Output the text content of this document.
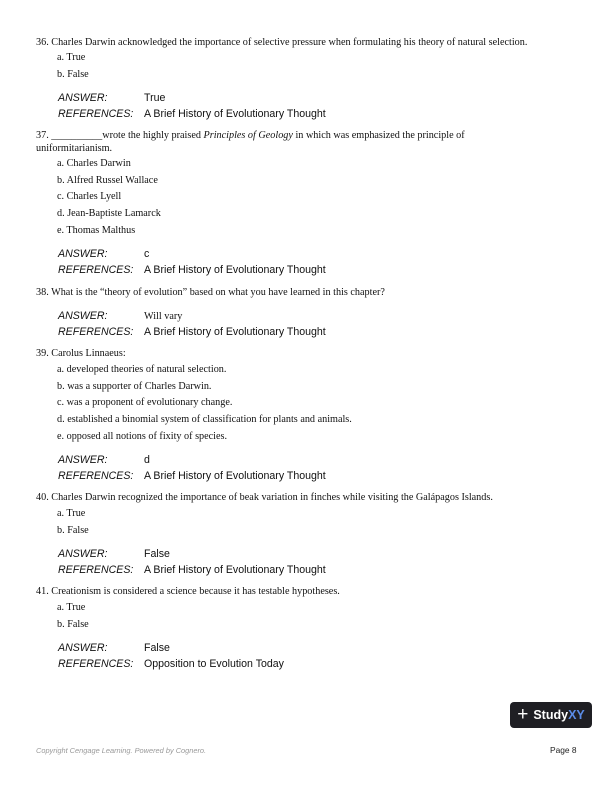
36. Charles Darwin acknowledged the importance of selective pressure when formulating his theory of natural selection.

a. True
b. False
ANSWER:	True
REFERENCES: A Brief History of Evolutionary Thought

37. __________wrote the highly praised Principles of Geology in which was emphasized the principle of uniformitarianism.

a. Charles Darwin
b. Alfred Russel Wallace
c. Charles Lyell
d. Jean-Baptiste Lamarck
e. Thomas Malthus
ANSWER:	c
REFERENCES: A Brief History of Evolutionary Thought

38. What is the “theory of evolution” based on what you have learned in this chapter?

ANSWER:	Will vary
REFERENCES: A Brief History of Evolutionary Thought

39. Carolus Linnaeus:

a. developed theories of natural selection.
b. was a supporter of Charles Darwin.
c. was a proponent of evolutionary change.
d. established a binomial system of classification for plants and animals.
e. opposed all notions of fixity of species.
ANSWER:	d
REFERENCES: A Brief History of Evolutionary Thought

40. Charles Darwin recognized the importance of beak variation in finches while visiting the Galápagos Islands.

a. True
b. False
ANSWER:	False
REFERENCES: A Brief History of Evolutionary Thought

41. Creationism is considered a science because it has testable hypotheses.

a. True
b. False
ANSWER:	False
REFERENCES: Opposition to Evolution Today
+ Study XY
Copyright Cengage Learning. Powered by Cognero.	Page 8
